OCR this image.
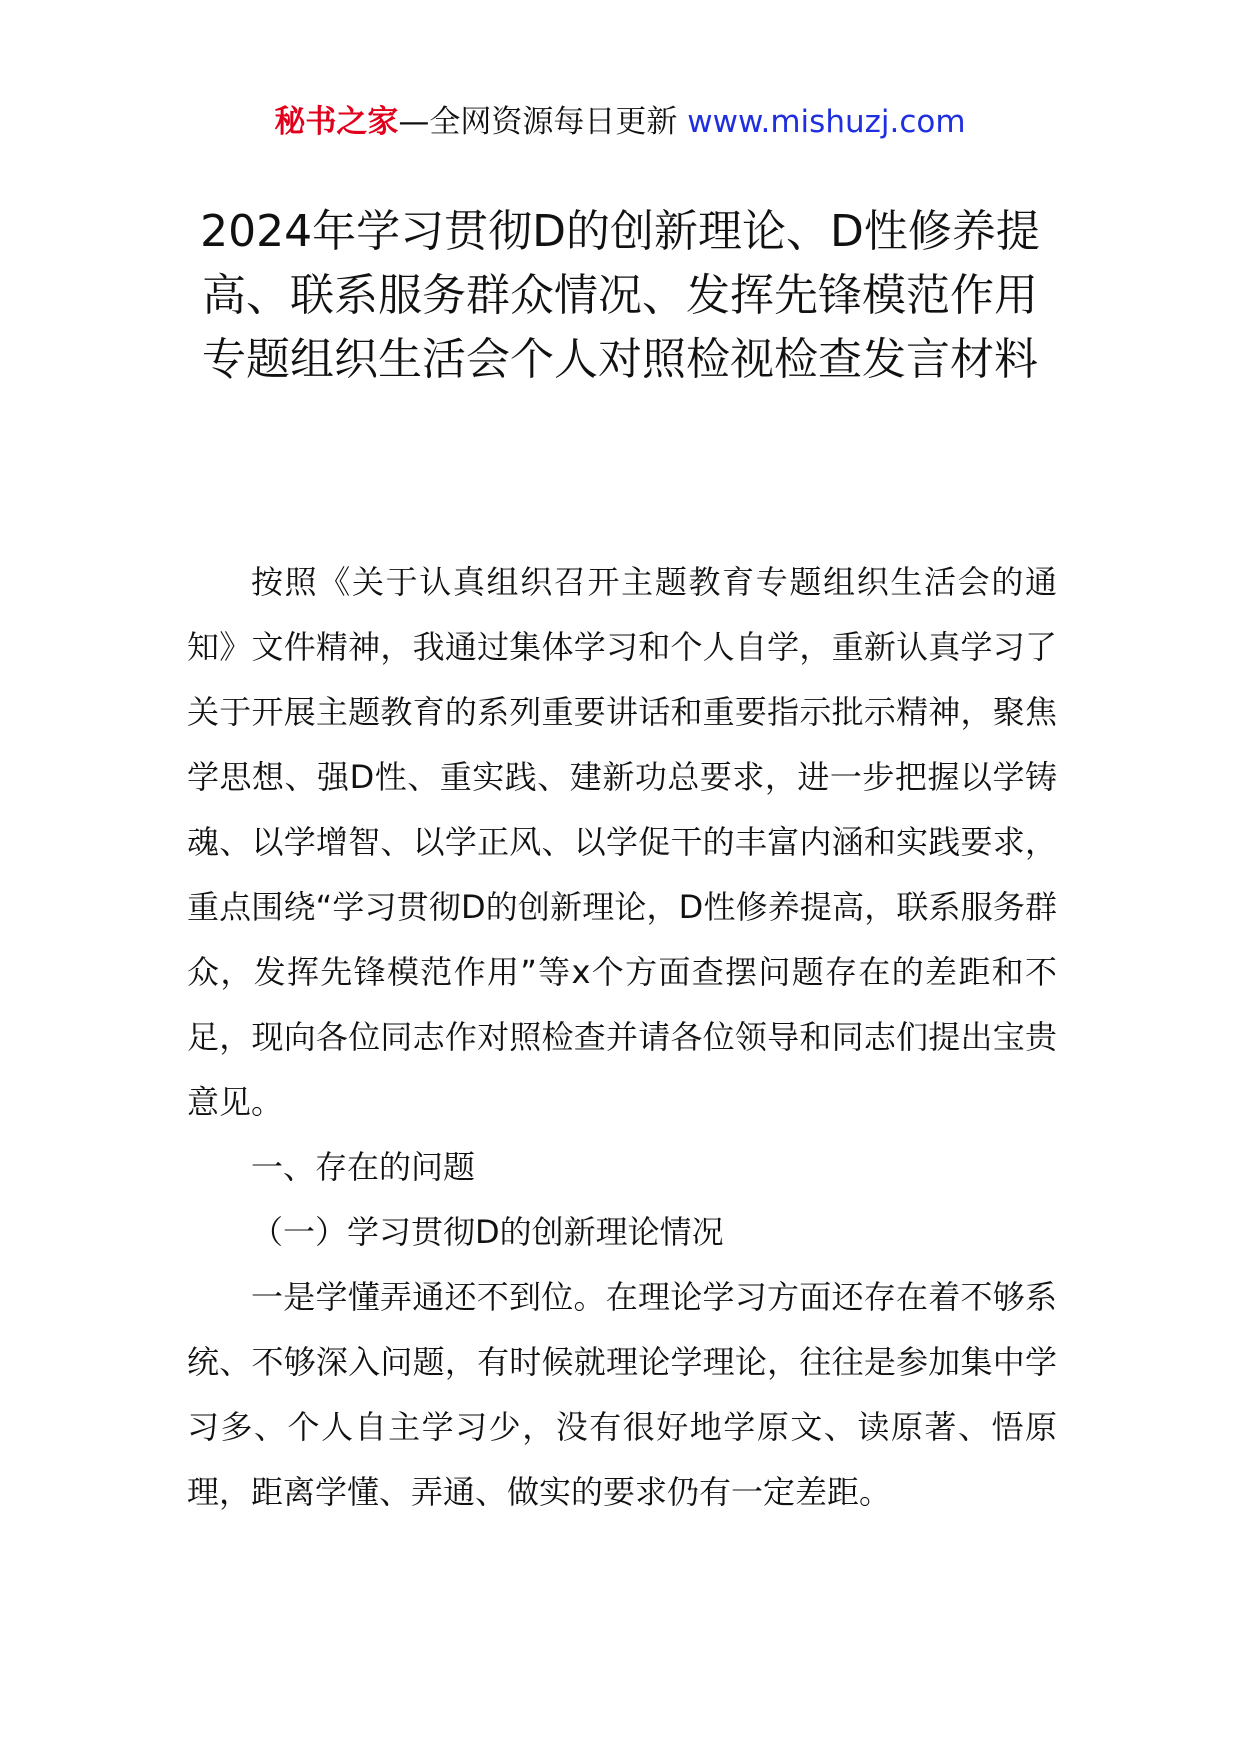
秘书之家—全网资源每日更新 www.mishuzj.com
2024年学习贯彻D的创新理论、D性修养提高、联系服务群众情况、发挥先锋模范作用专题组织生活会个人对照检视检查发言材料

按照《关于认真组织召开主题教育专题组织生活会的通知》文件精神，我通过集体学习和个人自学，重新认真学习了关于开展主题教育的系列重要讲话和重要指示批示精神，聚焦学思想、强D性、重实践、建新功总要求，进一步把握以学铸魂、以学增智、以学正风、以学促干的丰富内涵和实践要求，重点围绕“学习贯彻D的创新理论，D性修养提高，联系服务群众，发挥先锋模范作用”等x个方面查摆问题存在的差距和不足，现向各位同志作对照检查并请各位领导和同志们提出宝贵意见。

一、存在的问题

（一）学习贯彻D的创新理论情况

一是学懂弄通还不到位。在理论学习方面还存在着不够系统、不够深入问题，有时候就理论学理论，往往是参加集中学习多、个人自主学习少，没有很好地学原文、读原著、悟原理，距离学懂、弄通、做实的要求仍有一定差距。
